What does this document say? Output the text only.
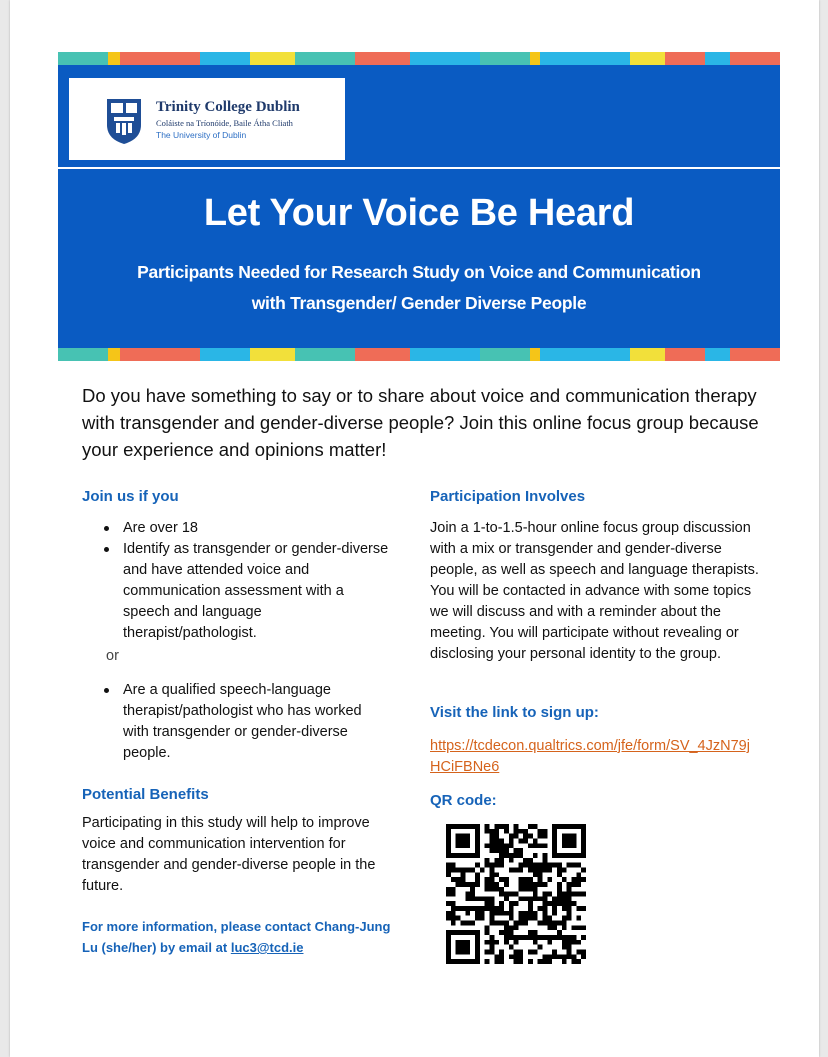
Trinity College Dublin
Coláiste na Tríonóide, Baile Átha Cliath
The University of Dublin
Let Your Voice Be Heard
Participants Needed for Research Study on Voice and Communication
with Transgender/ Gender Diverse People
Do you have something to say or to share about voice and communication therapy with transgender and gender-diverse people? Join this online focus group because your experience and opinions matter!
Join us if you
Are over 18
Identify as transgender or gender-diverse and have attended voice and communication assessment with a speech and language therapist/pathologist.
or
Are a qualified speech-language therapist/pathologist who has worked with transgender or gender-diverse people.
Potential Benefits
Participating in this study will help to improve voice and communication intervention for transgender and gender-diverse people in the future.
For more information, please contact Chang-Jung Lu (she/her) by email at luc3@tcd.ie
Participation Involves
Join a 1-to-1.5-hour online focus group discussion with a mix or transgender and gender-diverse people, as well as speech and language therapists. You will be contacted in advance with some topics we will discuss and with a reminder about the meeting. You will participate without revealing or disclosing your personal identity to the group.
Visit the link to sign up:
https://tcdecon.qualtrics.com/jfe/form/SV_4JzN79jHCiFBNe6
QR code:
